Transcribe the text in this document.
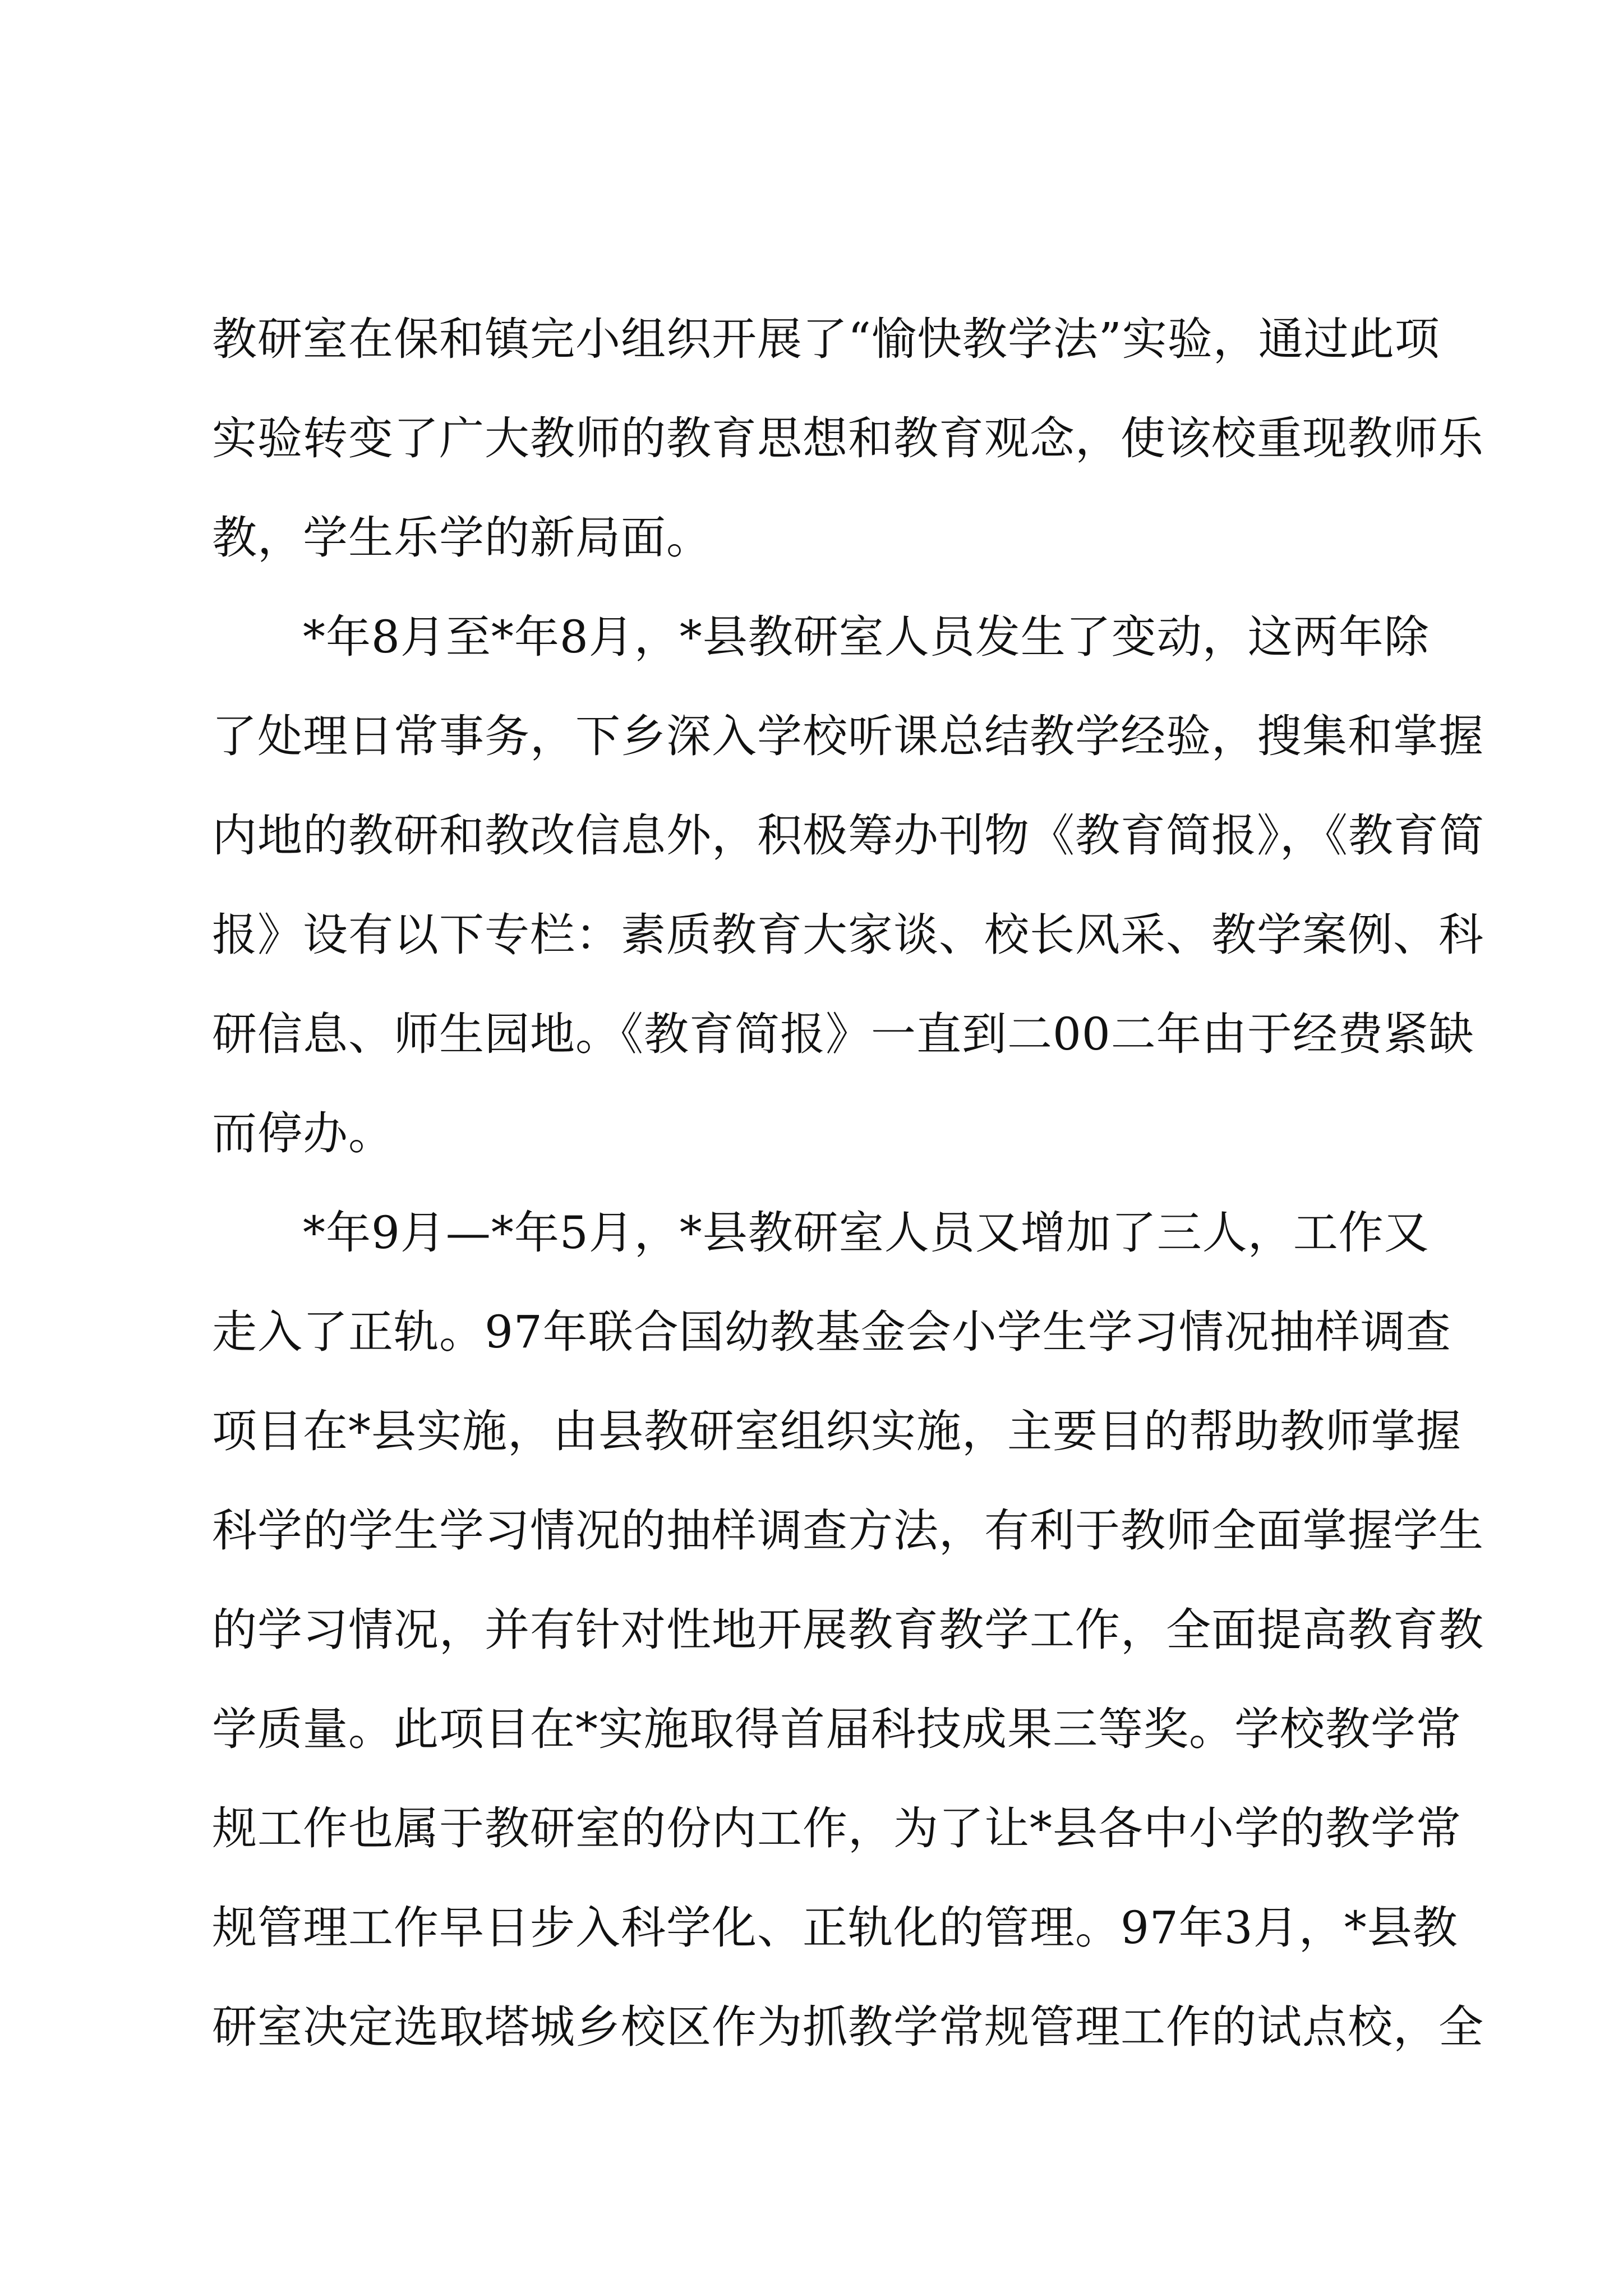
教研室在保和镇完小组织开展了“愉快教学法”实验，通过此项
实验转变了广大教师的教育思想和教育观念，使该校重现教师乐
教，学生乐学的新局面。
*年8月至*年8月，*县教研室人员发生了变动，这两年除
了处理日常事务，下乡深入学校听课总结教学经验，搜集和掌握
内地的教研和教改信息外，积极筹办刊物《教育简报》，《教育简
报》设有以下专栏：素质教育大家谈、校长风采、教学案例、科
研信息、师生园地。《教育简报》一直到二00二年由于经费紧缺
而停办。
*年9月—*年5月，*县教研室人员又增加了三人，工作又
走入了正轨。97年联合国幼教基金会小学生学习情况抽样调查
项目在*县实施，由县教研室组织实施，主要目的帮助教师掌握
科学的学生学习情况的抽样调查方法，有利于教师全面掌握学生
的学习情况，并有针对性地开展教育教学工作，全面提高教育教
学质量。此项目在*实施取得首届科技成果三等奖。学校教学常
规工作也属于教研室的份内工作，为了让*县各中小学的教学常
规管理工作早日步入科学化、正轨化的管理。97年3月，*县教
研室决定选取塔城乡校区作为抓教学常规管理工作的试点校，全
